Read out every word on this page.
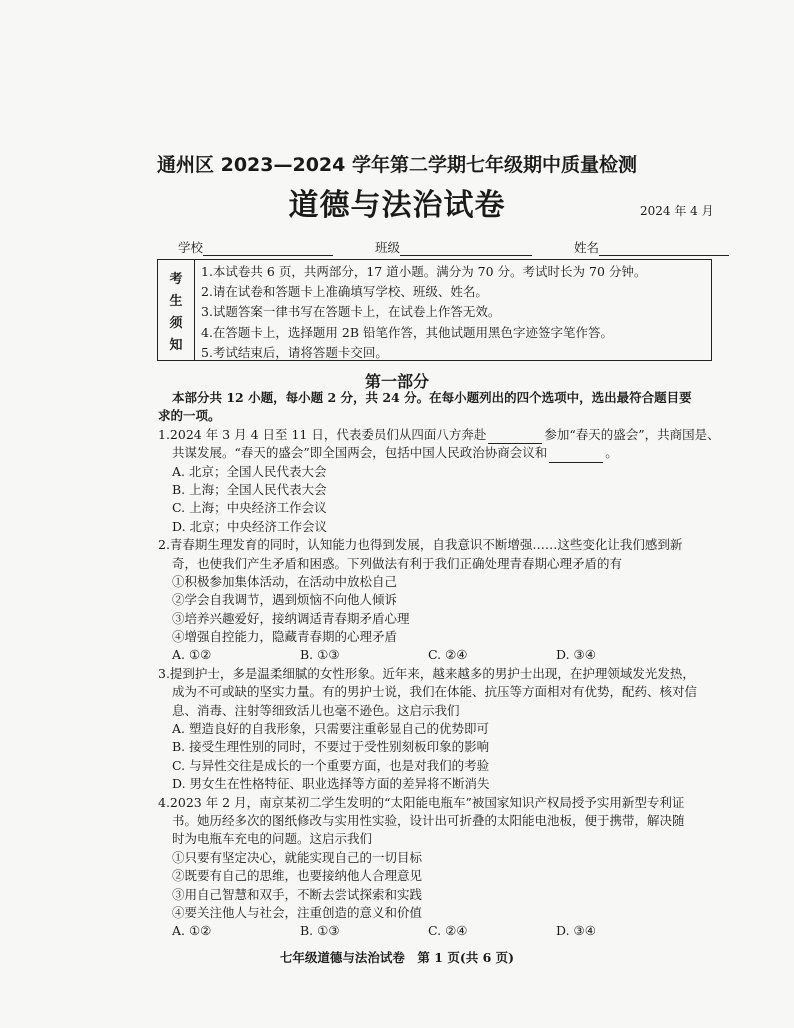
通州区 2023—2024 学年第二学期七年级期中质量检测
道德与法治试卷	2024 年 4 月
学校	班级	姓名
考
生
须
知
1.本试卷共 6 页，共两部分，17 道小题。满分为 70 分。考试时长为 70 分钟。
2.请在试卷和答题卡上准确填写学校、班级、姓名。
3.试题答案一律书写在答题卡上，在试卷上作答无效。
4.在答题卡上，选择题用 2B 铅笔作答，其他试题用黑色字迹签字笔作答。
5.考试结束后，请将答题卡交回。
第一部分
本部分共 12 小题，每小题 2 分，共 24 分。在每小题列出的四个选项中，选出最符合题目要
求的一项。
1.2024 年 3 月 4 日至 11 日，代表委员们从四面八方奔赴	参加“春天的盛会”，共商国是、
共谋发展。“春天的盛会”即全国两会，包括中国人民政治协商会议和	。
A. 北京；全国人民代表大会
B. 上海；全国人民代表大会
C. 上海；中央经济工作会议
D. 北京；中央经济工作会议
2.青春期生理发育的同时，认知能力也得到发展，自我意识不断增强……这些变化让我们感到新
奇，也使我们产生矛盾和困惑。下列做法有利于我们正确处理青春期心理矛盾的有
①积极参加集体活动，在活动中放松自己
②学会自我调节，遇到烦恼不向他人倾诉
③培养兴趣爱好，接纳调适青春期矛盾心理
④增强自控能力，隐藏青春期的心理矛盾
A. ①②	B. ①③	C. ②④	D. ③④
3.提到护士，多是温柔细腻的女性形象。近年来，越来越多的男护士出现，在护理领域发光发热，
成为不可或缺的坚实力量。有的男护士说，我们在体能、抗压等方面相对有优势，配药、核对信
息、消毒、注射等细致活儿也毫不逊色。这启示我们
A. 塑造良好的自我形象，只需要注重彰显自己的优势即可
B. 接受生理性别的同时，不要过于受性别刻板印象的影响
C. 与异性交往是成长的一个重要方面，也是对我们的考验
D. 男女生在性格特征、职业选择等方面的差异将不断消失
4.2023 年 2 月，南京某初二学生发明的“太阳能电瓶车”被国家知识产权局授予实用新型专利证
书。她历经多次的图纸修改与实用性实验，设计出可折叠的太阳能电池板，便于携带，解决随
时为电瓶车充电的问题。这启示我们
①只要有坚定决心，就能实现自己的一切目标
②既要有自己的思维，也要接纳他人合理意见
③用自己智慧和双手，不断去尝试探索和实践
④要关注他人与社会，注重创造的意义和价值
A. ①②	B. ①③	C. ②④	D. ③④
七年级道德与法治试卷　第 1 页(共 6 页)
